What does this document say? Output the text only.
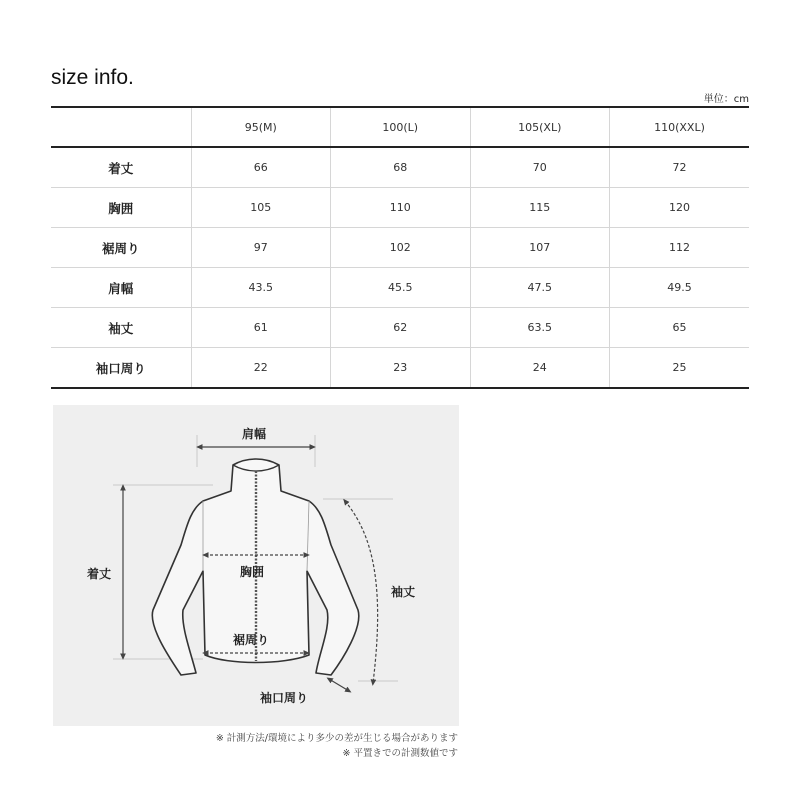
size info.
単位：cm
	95(M)	100(L)	105(XL)	110(XXL)
着丈	66	68	70	72
胸囲	105	110	115	120
裾周り	97	102	107	112
肩幅	43.5	45.5	47.5	49.5
袖丈	61	62	63.5	65
袖口周り	22	23	24	25
肩幅
着丈	胸囲
袖丈
裾周り
袖口周り
※ 計測方法/環境により多少の差が生じる場合があります
※ 平置きでの計測数値です
